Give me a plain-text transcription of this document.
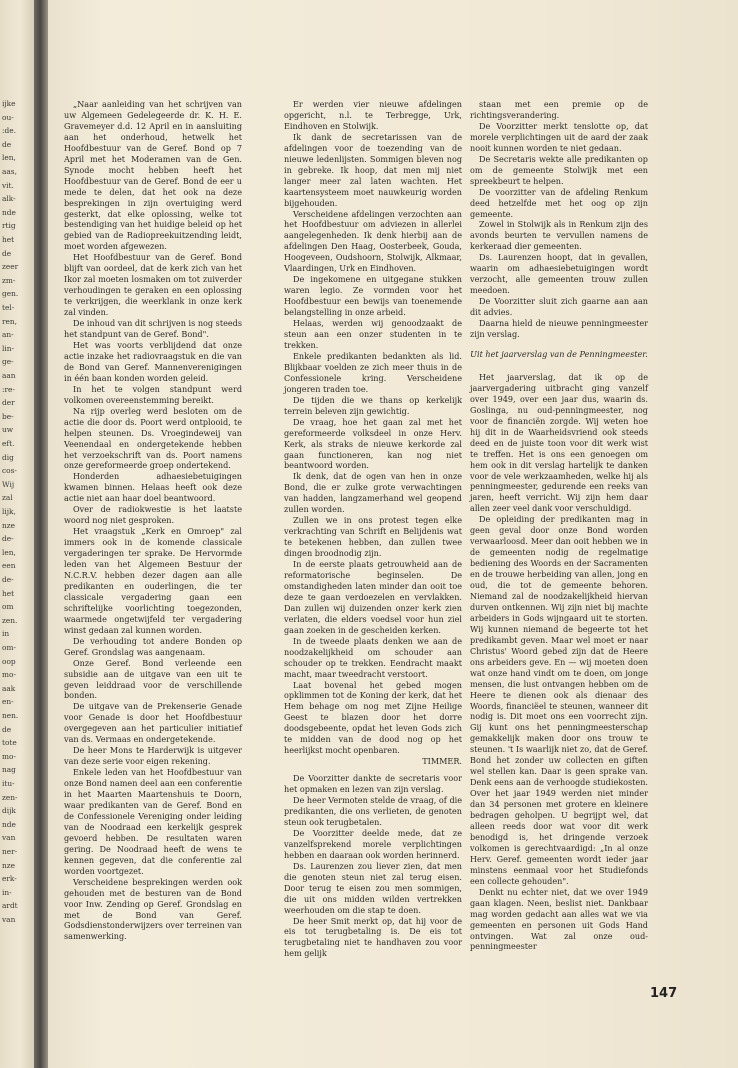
ijke
ou-
:de.
de
len,
aas,
vit.
alk-
nde
rtig
het
de
zeer
zm-
gen.
tel-
ren,
an-
lin-
ge-
aan
:re-
der
be-
uw
eft.
dig
cos-
Wij
zal
lijk,
nze
de-
len,
een
de-
het
om
zen.
in
om-
oop
mo-
aak
en-
nen.
de
tote
mo-
nag
itu-
zen-
dijk
nde
van
ner-
nze
erk-
in-
ardt
van

„Naar aanleiding van het schrijven van uw Algemeen Gedelegeerde dr. K. H. E. Gravemeyer d.d. 12 April en in aansluiting aan het onderhoud, hetwelk het Hoofdbestuur van de Geref. Bond op 7 April met het Moderamen van de Gen. Synode mocht hebben heeft het Hoofdbestuur van de Geref. Bond de eer u mede te delen, dat het ook na deze besprekingen in zijn overtuiging werd gesterkt, dat elke oplossing, welke tot bestendiging van het huidige beleid op het gebied van de Radiopreekuitzending leidt, moet worden afgewezen.

Het Hoofdbestuur van de Geref. Bond blijft van oordeel, dat de kerk zich van het Ikor zal moeten losmaken om tot zuiverder verhoudingen te geraken en een oplossing te verkrijgen, die weerklank in onze kerk zal vinden.

De inhoud van dit schrijven is nog steeds het standpunt van de Geref. Bond".

Het was voorts verblijdend dat onze actie inzake het radiovraagstuk en die van de Bond van Geref. Mannenverenigingen in één baan konden worden geleid.

In het te volgen standpunt werd volkomen overeenstemming bereikt.

Na rijp overleg werd besloten om de actie die door ds. Poort werd ontplooid, te helpen steunen. Ds. Vroegindeweij van Veenendaal en ondergetekende hebben het verzoekschrift van ds. Poort namens onze gereformeerde groep ondertekend.

Honderden adhaesiebetuigingen kwamen binnen. Helaas heeft ook deze actie niet aan haar doel beantwoord.

Over de radiokwestie is het laatste woord nog niet gesproken.

Het vraagstuk „Kerk en Omroep" zal immers ook in de komende classicale vergaderingen ter sprake. De Hervormde leden van het Algemeen Bestuur der N.C.R.V. hebben dezer dagen aan alle predikanten en ouderlingen, die ter classicale vergadering gaan een schriftelijke voorlichting toegezonden, waarmede ongetwijfeld ter vergadering winst gedaan zal kunnen worden.

De verhouding tot andere Bonden op Geref. Grondslag was aangenaam.

Onze Geref. Bond verleende een subsidie aan de uitgave van een uit te geven leiddraad voor de verschillende bonden.

De uitgave van de Prekenserie Genade voor Genade is door het Hoofdbestuur overgegeven aan het particulier initiatief van ds. Vermaas en ondergetekende.

De heer Mons te Harderwijk is uitgever van deze serie voor eigen rekening.

Enkele leden van het Hoofdbestuur van onze Bond namen deel aan een conferentie in het Maarten Maartenshuis te Doorn, waar predikanten van de Geref. Bond en de Confessionele Vereniging onder leiding van de Noodraad een kerkelijk gesprek gevoerd hebben. De resultaten waren gering. De Noodraad heeft de wens te kennen gegeven, dat die conferentie zal worden voortgezet.

Verscheidene besprekingen werden ook gehouden met de besturen van de Bond voor Inw. Zending op Geref. Grondslag en met de Bond van Geref. Godsdienstonderwijzers over terreinen van samenwerking.

Er werden vier nieuwe afdelingen opgericht, n.l. te Terbregge, Urk, Eindhoven en Stolwijk.

Ik dank de secretarissen van de afdelingen voor de toezending van de nieuwe ledenlijsten. Sommigen bleven nog in gebreke. Ik hoop, dat men mij niet langer meer zal laten wachten. Het kaartensysteem moet nauwkeurig worden bijgehouden.

Verscheidene afdelingen verzochten aan het Hoofdbestuur om adviezen in allerlei aangelegenheden. Ik denk hierbij aan de afdelingen Den Haag, Oosterbeek, Gouda, Hoogeveen, Oudshoorn, Stolwijk, Alkmaar, Vlaardingen, Urk en Eindhoven.

De ingekomene en uitgegane stukken waren legio. Ze vormden voor het Hoofdbestuur een bewijs van toenemende belangstelling in onze arbeid.

Helaas, werden wij genoodzaakt de steun aan een onzer studenten in te trekken.

Enkele predikanten bedankten als lid. Blijkbaar voelden ze zich meer thuis in de Confessionele kring. Verscheidene jongeren traden toe.

De tijden die we thans op kerkelijk terrein beleven zijn gewichtig.

De vraag, hoe het gaan zal met het gereformeerde volksdeel in onze Herv. Kerk, als straks de nieuwe kerkorde zal gaan functioneren, kan nog niet beantwoord worden.

Ik denk, dat de ogen van hen in onze Bond, die er zulke grote verwachtingen van hadden, langzamerhand wel geopend zullen worden.

Zullen we in ons protest tegen elke verkrachting van Schrift en Belijdenis wat te betekenen hebben, dan zullen twee dingen broodnodig zijn.

In de eerste plaats getrouwheid aan de reformatorische beginselen. De omstandigheden laten minder dan ooit toe deze te gaan verdoezelen en vervlakken. Dan zullen wij duizenden onzer kerk zien verlaten, die elders voedsel voor hun ziel gaan zoeken in de gescheiden kerken.

In de tweede plaats denken we aan de noodzakelijkheid om schouder aan schouder op te trekken. Eendracht maakt macht, maar tweedracht verstoort.

Laat bovenal het gebed mogen opklimmen tot de Koning der kerk, dat het Hem behage om nog met Zijne Heilige Geest te blazen door het dorre doodsgebeente, opdat het leven Gods zich te midden van de dood nog op het heerlijkst mocht openbaren.

TIMMER.

De Voorzitter dankte de secretaris voor het opmaken en lezen van zijn verslag.

De heer Vermoten stelde de vraag, of die predikanten, die ons verlieten, de genoten steun ook terugbetalen.

De Voorzitter deelde mede, dat ze vanzelfsprekend morele verplichtingen hebben en daaraan ook worden herinnerd.

Ds. Laurenzen zou liever zien, dat men die genoten steun niet zal terug eisen. Door terug te eisen zou men sommigen, die uit ons midden wilden vertrekken weerhouden om die stap te doen.

De heer Smit merkt op, dat hij voor de eis tot terugbetaling is. De eis tot terugbetaling niet te handhaven zou voor hem gelijk

staan met een premie op de richtingsverandering.

De Voorzitter merkt tenslotte op, dat morele verplichtingen uit de aard der zaak nooit kunnen worden te niet gedaan.

De Secretaris wekte alle predikanten op om de gemeente Stolwijk met een spreekbeurt te helpen.

De voorzitter van de afdeling Renkum deed hetzelfde met het oog op zijn gemeente.

Zowel in Stolwijk als in Renkum zijn des avonds beurten te vervullen namens de kerkeraad dier gemeenten.

Ds. Laurenzen hoopt, dat in gevallen, waarin om adhaesiebetuigingen wordt verzocht, alle gemeenten trouw zullen meedoen.

De Voorzitter sluit zich gaarne aan aan dit advies.

Daarna hield de nieuwe penningmeester zijn verslag.

Uit het jaarverslag van de Penningmeester.

Het jaarverslag, dat ik op de jaarvergadering uitbracht ging vanzelf over 1949, over een jaar dus, waarin ds. Goslinga, nu oud-penningmeester, nog voor de financiën zorgde. Wij weten hoe hij dit in de Waarheidsvriend ook steeds deed en de juiste toon voor dit werk wist te treffen. Het is ons een genoegen om hem ook in dit verslag hartelijk te danken voor de vele werkzaamheden, welke hij als penningmeester, gedurende een reeks van jaren, heeft verricht. Wij zijn hem daar allen zeer veel dank voor verschuldigd.

De opleiding der predikanten mag in geen geval door onze Bond worden verwaarloosd. Meer dan ooit hebben we in de gemeenten nodig de regelmatige bediening des Woords en der Sacramenten en de trouwe herbeiding van allen, jong en oud, die tot de gemeente behoren. Niemand zal de noodzakelijkheid hiervan durven ontkennen. Wij zijn niet bij machte arbeiders in Gods wijngaard uit te storten. Wij kunnen niemand de begeerte tot het predikambt geven. Maar wel moet er naar Christus' Woord gebed zijn dat de Heere ons arbeiders geve. En — wij moeten doen wat onze hand vindt om te doen, om jonge mensen, die lust ontvangen hebben om de Heere te dienen ook als dienaar des Woords, financiëel te steunen, wanneer dit nodig is. Dit moet ons een voorrecht zijn. Gij kunt ons het penningmeesterschap gemakkelijk maken door ons trouw te steunen. 't Is waarlijk niet zo, dat de Geref. Bond het zonder uw collecten en giften wel stellen kan. Daar is geen sprake van. Denk eens aan de verhoogde studiekosten. Over het jaar 1949 werden niet minder dan 34 personen met grotere en kleinere bedragen geholpen. U begrijpt wel, dat alleen reeds door wat voor dit werk benodigd is, het dringende verzoek volkomen is gerechtvaardigd: „In al onze Herv. Geref. gemeenten wordt ieder jaar minstens eenmaal voor het Studiefonds een collecte gehouden".

Denkt nu echter niet, dat we over 1949 gaan klagen. Neen, beslist niet. Dankbaar mag worden gedacht aan alles wat we via gemeenten en personen uit Gods Hand ontvingen. Wat zal onze oud-penningmeester

147
